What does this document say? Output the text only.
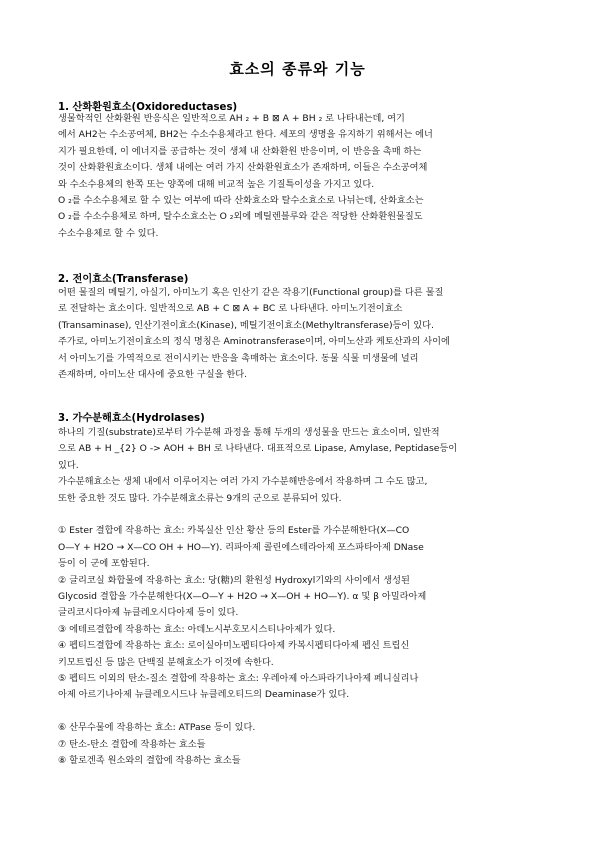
효소의 종류와 기능
1. 산화환원효소(Oxidoreductases)
생물학적인 산화환원 반응식은 일반적으로 AH ₂ + B ⊠ A + BH ₂ 로 나타내는데, 여기
에서 AH2는 수소공여체, BH2는 수소수용체라고 한다. 세포의 생명을 유지하기 위해서는 에너
지가 필요한데, 이 에너지를 공급하는 것이 생체 내 산화환원 반응이며, 이 반응을 촉매 하는
것이 산화환원효소이다. 생체 내에는 여러 가지 산화환원효소가 존재하며, 이들은 수소공여체
와 수소수용체의 한쪽 또는 양쪽에 대해 비교적 높은 기질특이성을 가지고 있다.
O ₂를 수소수용체로 할 수 있는 여부에 따라 산화효소와 탈수소효소로 나뉘는데, 산화효소는
O ₂를 수소수용체로 하며, 탈수소효소는 O ₂외에 메틸렌블루와 같은 적당한 산화환원물질도
수소수용체로 할 수 있다.
2. 전이효소(Transferase)
어떤 물질의 메틸기, 아실기, 아미노기 혹은 인산기 같은 작용기(Functional group)를 다른 물질
로 전달하는 효소이다. 일반적으로 AB + C ⊠ A + BC 로 나타낸다. 아미노기전이효소
(Transaminase), 인산기전이효소(Kinase), 메틸기전이효소(Methyltransferase)등이 있다.
주가로, 아미노기전이효소의 정식 명칭은 Aminotransferase이며, 아미노산과 케토산과의 사이에
서 아미노기를 가역적으로 전이시키는 반응을 촉매하는 효소이다. 동물 식물 미생물에 널리
존재하며, 아미노산 대사에 중요한 구실을 한다.
3. 가수분해효소(Hydrolases)
하나의 기질(substrate)로부터 가수분해 과정을 통해 두개의 생성물을 만드는 효소이며, 일반적
으로 AB + H _{2} O -> AOH + BH 로 나타낸다. 대표적으로 Lipase, Amylase, Peptidase등이
있다.
가수분해효소는 생체 내에서 이루어지는 여러 가지 가수분해반응에서 작용하며 그 수도 많고,
또한 중요한 것도 많다. 가수분해효소류는 9개의 군으로 분류되어 있다.
① Ester 결합에 작용하는 효소: 카복실산 인산 황산 등의 Ester를 가수분해한다(X—CO
O—Y + H2O → X—CO OH + HO—Y). 리파아제 콜린에스테라아제 포스파타아제 DNase
등이 이 군에 포함된다.
② 글리코실 화합물에 작용하는 효소: 당(糖)의 환원성 Hydroxyl기와의 사이에서 생성된
Glycosid 결합을 가수분해한다(X—O—Y + H2O → X—OH + HO—Y). α 및 β 아밀라아제
글리코시다아제 뉴클레오시다아제 등이 있다.
③ 에테르결합에 작용하는 효소: 아데노시부호모시스티나아제가 있다.
④ 펩티드결합에 작용하는 효소: 로이실아미노펩티다아제 카복시펩티다아제 펩신 트립신
키모트립신 등 많은 단백질 분해효소가 이것에 속한다.
⑤ 펩티드 이외의 탄소-질소 결합에 작용하는 효소: 우레아제 아스파라기나아제 페니실리나
아제 아르기나아제 뉴클레오시드나 뉴클레오티드의 Deaminase가 있다.
⑥ 산무수물에 작용하는 효소: ATPase 등이 있다.
⑦ 탄소-탄소 결합에 작용하는 효소들
⑧ 할로겐족 원소와의 결합에 작용하는 효소들
